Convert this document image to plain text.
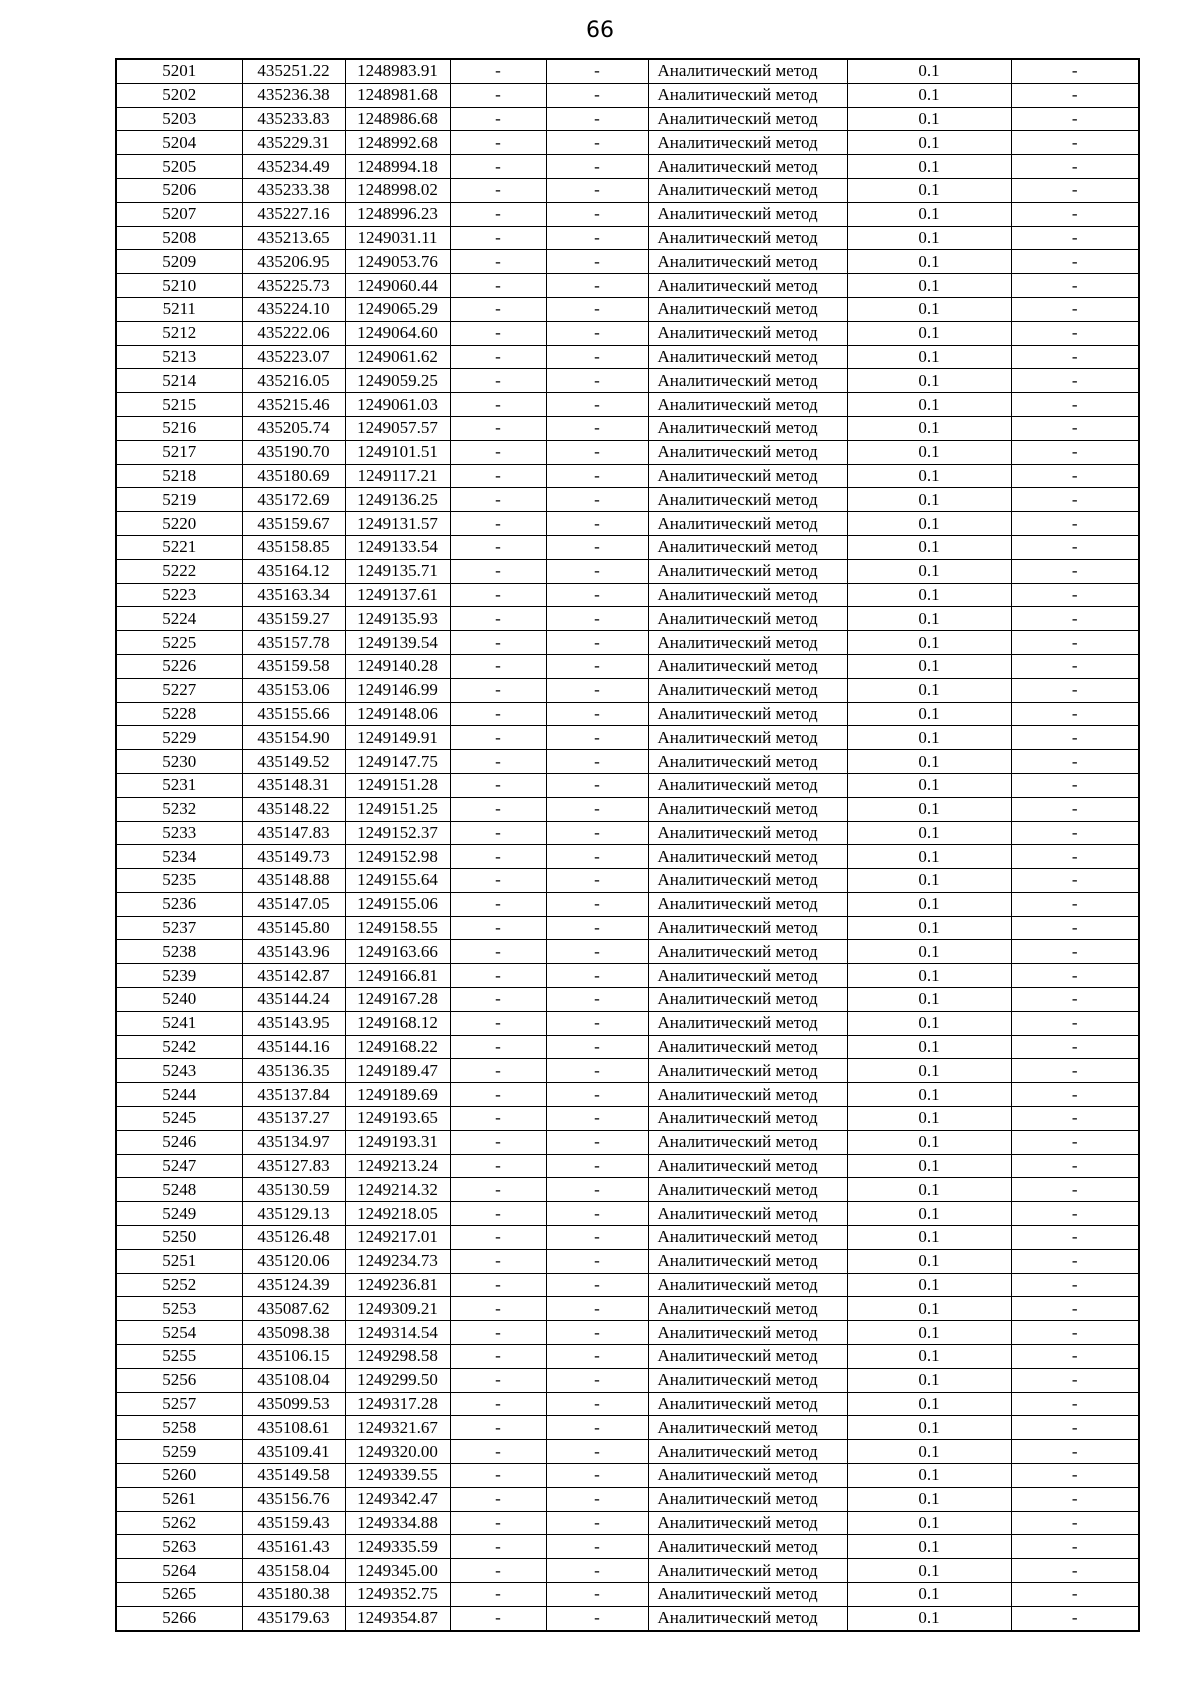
66
5201	435251.22	1248983.91	-	-	Аналитический метод	0.1	-
5202	435236.38	1248981.68	-	-	Аналитический метод	0.1	-
5203	435233.83	1248986.68	-	-	Аналитический метод	0.1	-
5204	435229.31	1248992.68	-	-	Аналитический метод	0.1	-
5205	435234.49	1248994.18	-	-	Аналитический метод	0.1	-
5206	435233.38	1248998.02	-	-	Аналитический метод	0.1	-
5207	435227.16	1248996.23	-	-	Аналитический метод	0.1	-
5208	435213.65	1249031.11	-	-	Аналитический метод	0.1	-
5209	435206.95	1249053.76	-	-	Аналитический метод	0.1	-
5210	435225.73	1249060.44	-	-	Аналитический метод	0.1	-
5211	435224.10	1249065.29	-	-	Аналитический метод	0.1	-
5212	435222.06	1249064.60	-	-	Аналитический метод	0.1	-
5213	435223.07	1249061.62	-	-	Аналитический метод	0.1	-
5214	435216.05	1249059.25	-	-	Аналитический метод	0.1	-
5215	435215.46	1249061.03	-	-	Аналитический метод	0.1	-
5216	435205.74	1249057.57	-	-	Аналитический метод	0.1	-
5217	435190.70	1249101.51	-	-	Аналитический метод	0.1	-
5218	435180.69	1249117.21	-	-	Аналитический метод	0.1	-
5219	435172.69	1249136.25	-	-	Аналитический метод	0.1	-
5220	435159.67	1249131.57	-	-	Аналитический метод	0.1	-
5221	435158.85	1249133.54	-	-	Аналитический метод	0.1	-
5222	435164.12	1249135.71	-	-	Аналитический метод	0.1	-
5223	435163.34	1249137.61	-	-	Аналитический метод	0.1	-
5224	435159.27	1249135.93	-	-	Аналитический метод	0.1	-
5225	435157.78	1249139.54	-	-	Аналитический метод	0.1	-
5226	435159.58	1249140.28	-	-	Аналитический метод	0.1	-
5227	435153.06	1249146.99	-	-	Аналитический метод	0.1	-
5228	435155.66	1249148.06	-	-	Аналитический метод	0.1	-
5229	435154.90	1249149.91	-	-	Аналитический метод	0.1	-
5230	435149.52	1249147.75	-	-	Аналитический метод	0.1	-
5231	435148.31	1249151.28	-	-	Аналитический метод	0.1	-
5232	435148.22	1249151.25	-	-	Аналитический метод	0.1	-
5233	435147.83	1249152.37	-	-	Аналитический метод	0.1	-
5234	435149.73	1249152.98	-	-	Аналитический метод	0.1	-
5235	435148.88	1249155.64	-	-	Аналитический метод	0.1	-
5236	435147.05	1249155.06	-	-	Аналитический метод	0.1	-
5237	435145.80	1249158.55	-	-	Аналитический метод	0.1	-
5238	435143.96	1249163.66	-	-	Аналитический метод	0.1	-
5239	435142.87	1249166.81	-	-	Аналитический метод	0.1	-
5240	435144.24	1249167.28	-	-	Аналитический метод	0.1	-
5241	435143.95	1249168.12	-	-	Аналитический метод	0.1	-
5242	435144.16	1249168.22	-	-	Аналитический метод	0.1	-
5243	435136.35	1249189.47	-	-	Аналитический метод	0.1	-
5244	435137.84	1249189.69	-	-	Аналитический метод	0.1	-
5245	435137.27	1249193.65	-	-	Аналитический метод	0.1	-
5246	435134.97	1249193.31	-	-	Аналитический метод	0.1	-
5247	435127.83	1249213.24	-	-	Аналитический метод	0.1	-
5248	435130.59	1249214.32	-	-	Аналитический метод	0.1	-
5249	435129.13	1249218.05	-	-	Аналитический метод	0.1	-
5250	435126.48	1249217.01	-	-	Аналитический метод	0.1	-
5251	435120.06	1249234.73	-	-	Аналитический метод	0.1	-
5252	435124.39	1249236.81	-	-	Аналитический метод	0.1	-
5253	435087.62	1249309.21	-	-	Аналитический метод	0.1	-
5254	435098.38	1249314.54	-	-	Аналитический метод	0.1	-
5255	435106.15	1249298.58	-	-	Аналитический метод	0.1	-
5256	435108.04	1249299.50	-	-	Аналитический метод	0.1	-
5257	435099.53	1249317.28	-	-	Аналитический метод	0.1	-
5258	435108.61	1249321.67	-	-	Аналитический метод	0.1	-
5259	435109.41	1249320.00	-	-	Аналитический метод	0.1	-
5260	435149.58	1249339.55	-	-	Аналитический метод	0.1	-
5261	435156.76	1249342.47	-	-	Аналитический метод	0.1	-
5262	435159.43	1249334.88	-	-	Аналитический метод	0.1	-
5263	435161.43	1249335.59	-	-	Аналитический метод	0.1	-
5264	435158.04	1249345.00	-	-	Аналитический метод	0.1	-
5265	435180.38	1249352.75	-	-	Аналитический метод	0.1	-
5266	435179.63	1249354.87	-	-	Аналитический метод	0.1	-
